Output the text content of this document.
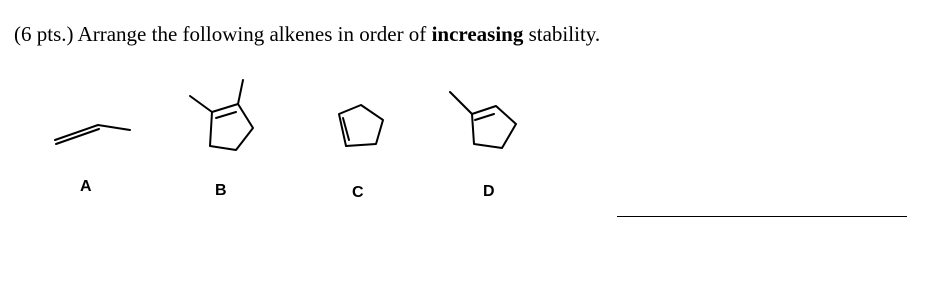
(6 pts.) Arrange the following alkenes in order of increasing stability.
A	B	C	D
